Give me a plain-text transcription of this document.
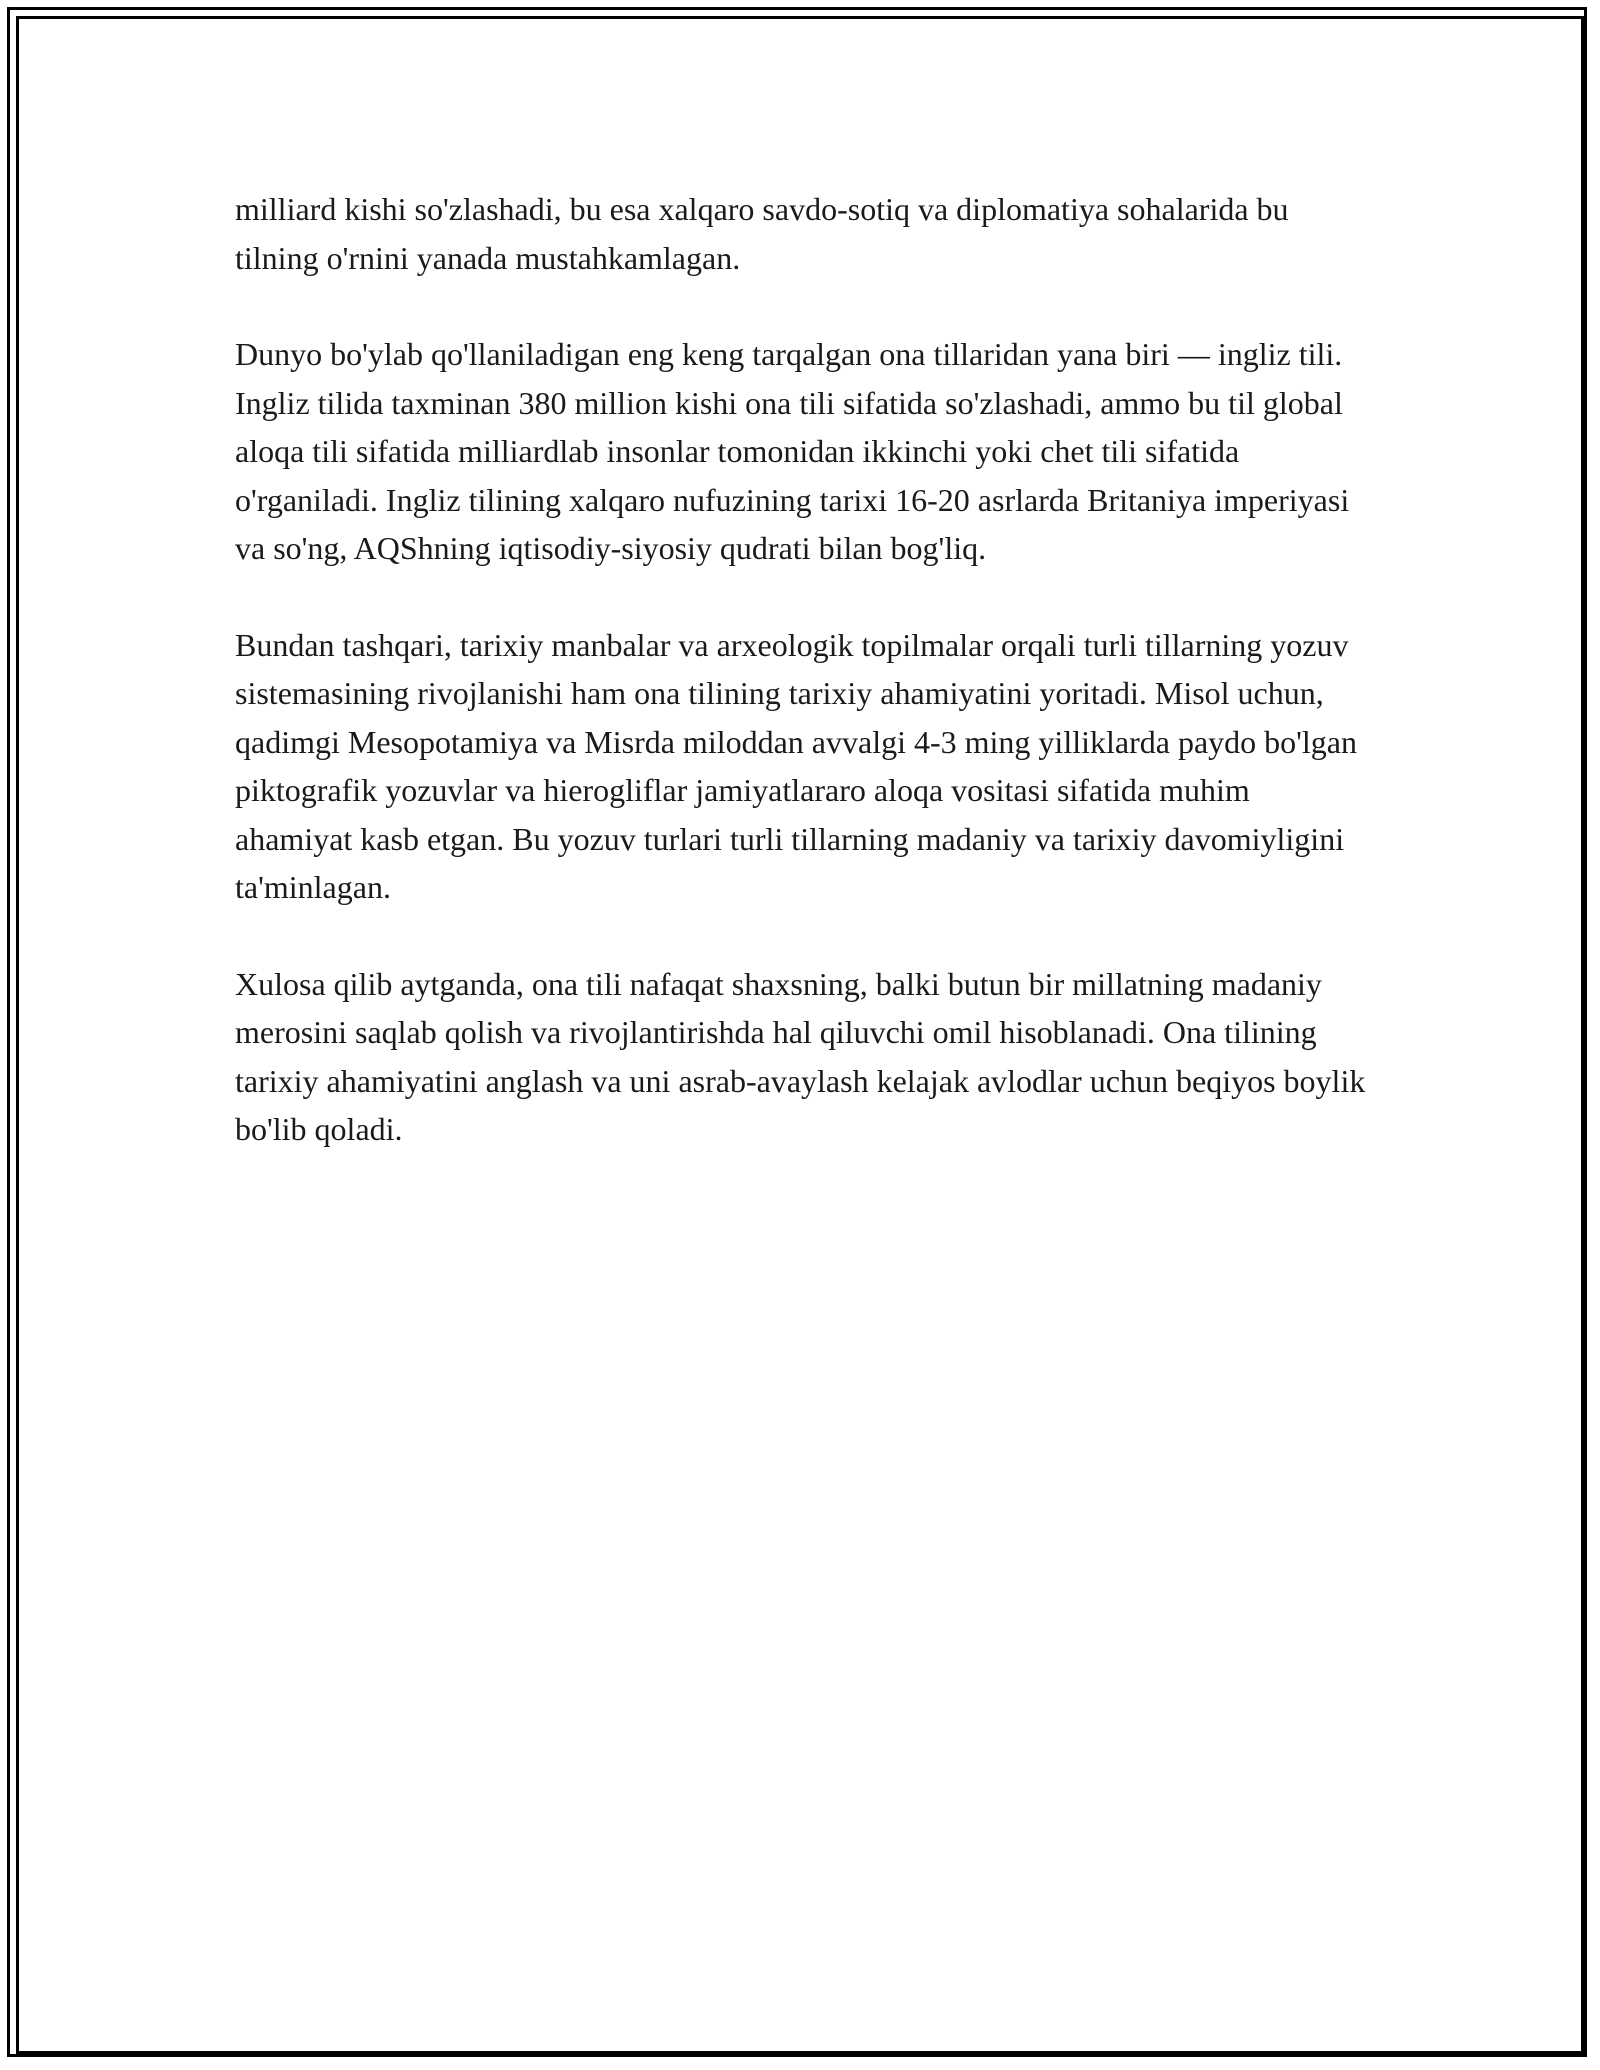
milliard kishi so'zlashadi, bu esa xalqaro savdo-sotiq va diplomatiya sohalarida bu tilning o'rnini yanada mustahkamlagan.

Dunyo bo'ylab qo'llaniladigan eng keng tarqalgan ona tillaridan yana biri — ingliz tili. Ingliz tilida taxminan 380 million kishi ona tili sifatida so'zlashadi, ammo bu til global aloqa tili sifatida milliardlab insonlar tomonidan ikkinchi yoki chet tili sifatida o'rganiladi. Ingliz tilining xalqaro nufuzining tarixi 16-20 asrlarda Britaniya imperiyasi va so'ng, AQShning iqtisodiy-siyosiy qudrati bilan bog'liq.

Bundan tashqari, tarixiy manbalar va arxeologik topilmalar orqali turli tillarning yozuv sistemasining rivojlanishi ham ona tilining tarixiy ahamiyatini yoritadi. Misol uchun, qadimgi Mesopotamiya va Misrda miloddan avvalgi 4-3 ming yilliklarda paydo bo'lgan piktografik yozuvlar va hierogliflar jamiyatlararo aloqa vositasi sifatida muhim ahamiyat kasb etgan. Bu yozuv turlari turli tillarning madaniy va tarixiy davomiyligini ta'minlagan.

Xulosa qilib aytganda, ona tili nafaqat shaxsning, balki butun bir millatning madaniy merosini saqlab qolish va rivojlantirishda hal qiluvchi omil hisoblanadi. Ona tilining tarixiy ahamiyatini anglash va uni asrab-avaylash kelajak avlodlar uchun beqiyos boylik bo'lib qoladi.
